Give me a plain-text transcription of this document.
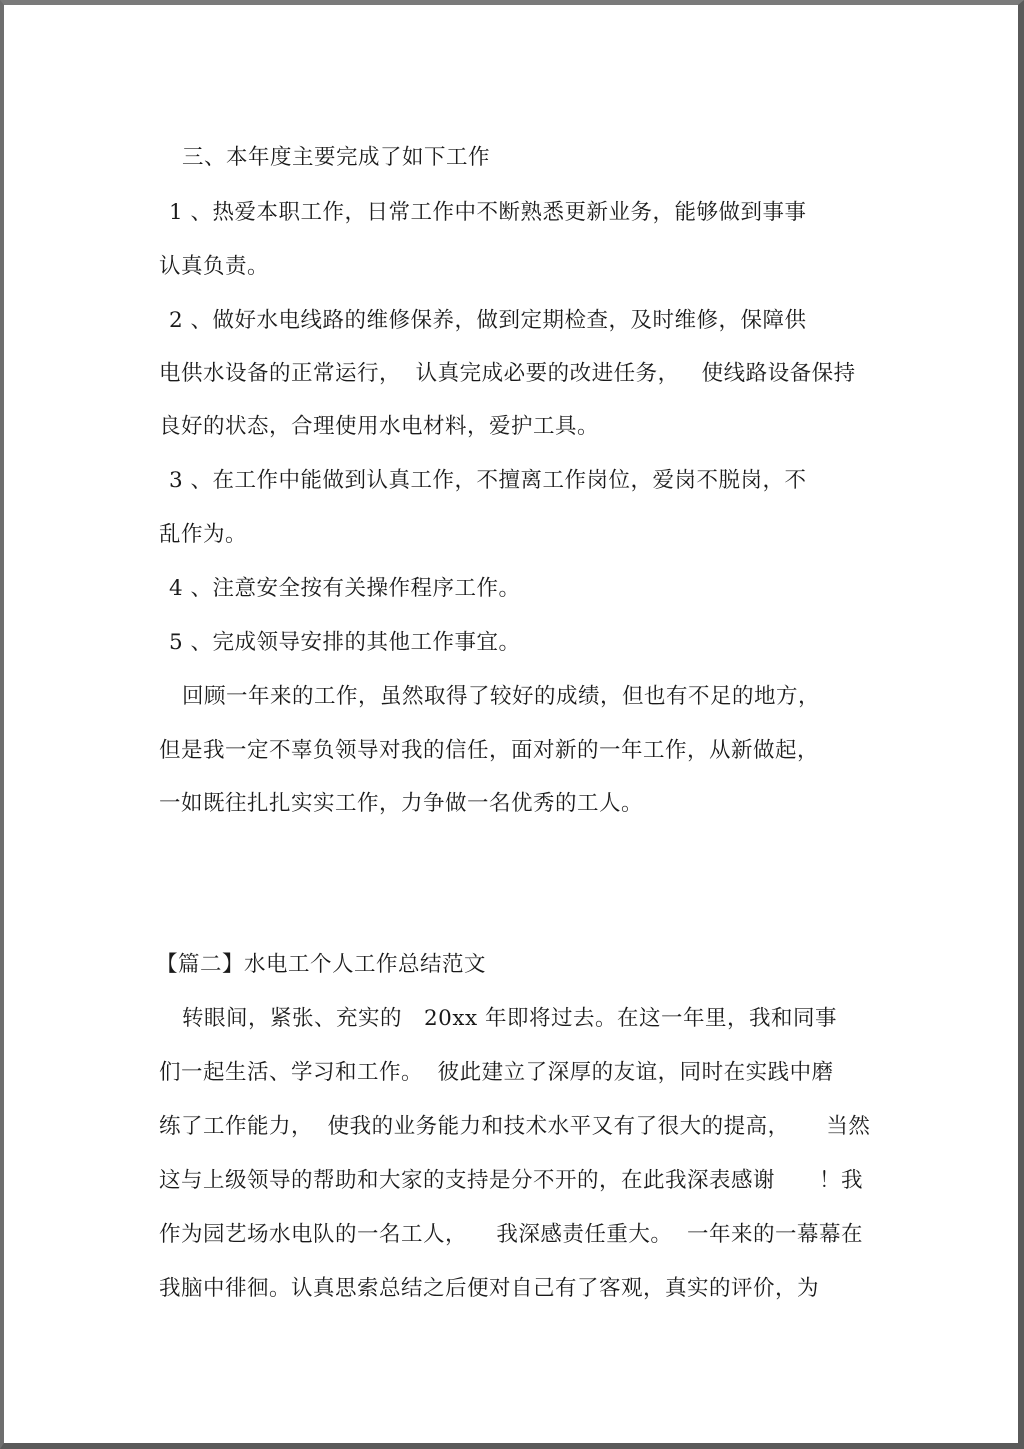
三、本年度主要完成了如下工作

1 、热爱本职工作，日常工作中不断熟悉更新业务，能够做到事事

认真负责。

2 、做好水电线路的维修保养，做到定期检查，及时维修，保障供

电供水设备的正常运行，  认真完成必要的改进任务，   使线路设备保持

良好的状态，合理使用水电材料，爱护工具。

3 、在工作中能做到认真工作，不擅离工作岗位，爱岗不脱岗，不

乱作为。

4 、注意安全按有关操作程序工作。

5 、完成领导安排的其他工作事宜。

回顾一年来的工作，虽然取得了较好的成绩，但也有不足的地方，

但是我一定不辜负领导对我的信任，面对新的一年工作，从新做起，

一如既往扎扎实实工作，力争做一名优秀的工人。

【篇二】水电工个人工作总结范文

转眼间，紧张、充实的   20xx 年即将过去。在这一年里，我和同事

们一起生活、学习和工作。  彼此建立了深厚的友谊，同时在实践中磨

练了工作能力，  使我的业务能力和技术水平又有了很大的提高，     当然

这与上级领导的帮助和大家的支持是分不开的，在此我深表感谢      ！我

作为园艺场水电队的一名工人，    我深感责任重大。  一年来的一幕幕在

我脑中徘徊。认真思索总结之后便对自己有了客观，真实的评价，为
